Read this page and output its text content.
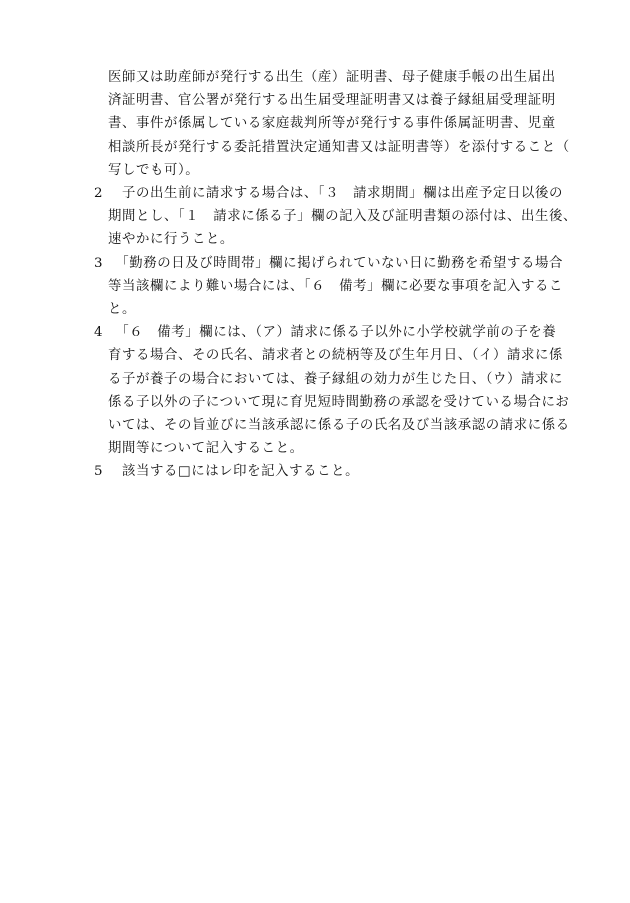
医師又は助産師が発行する出生（産）証明書、母子健康手帳の出生届出
済証明書、官公署が発行する出生届受理証明書又は養子縁組届受理証明
書、事件が係属している家庭裁判所等が発行する事件係属証明書、児童
相談所長が発行する委託措置決定通知書又は証明書等）を添付すること（
写しでも可）。
2 　子の出生前に請求する場合は、「３　請求期間」欄は出産予定日以後の
期間とし、「１　請求に係る子」欄の記入及び証明書類の添付は、出生後、
速やかに行うこと。
3 　「勤務の日及び時間帯」欄に掲げられていない日に勤務を希望する場合
等当該欄により難い場合には、「６　備考」欄に必要な事項を記入するこ
と。
4 　「６　備考」欄には、（ア）請求に係る子以外に小学校就学前の子を養
育する場合、その氏名、請求者との続柄等及び生年月日、（イ）請求に係
る子が養子の場合においては、養子縁組の効力が生じた日、（ウ）請求に
係る子以外の子について現に育児短時間勤務の承認を受けている場合にお
いては、その旨並びに当該承認に係る子の氏名及び当該承認の請求に係る
期間等について記入すること。
5 　該当する□にはレ印を記入すること。
